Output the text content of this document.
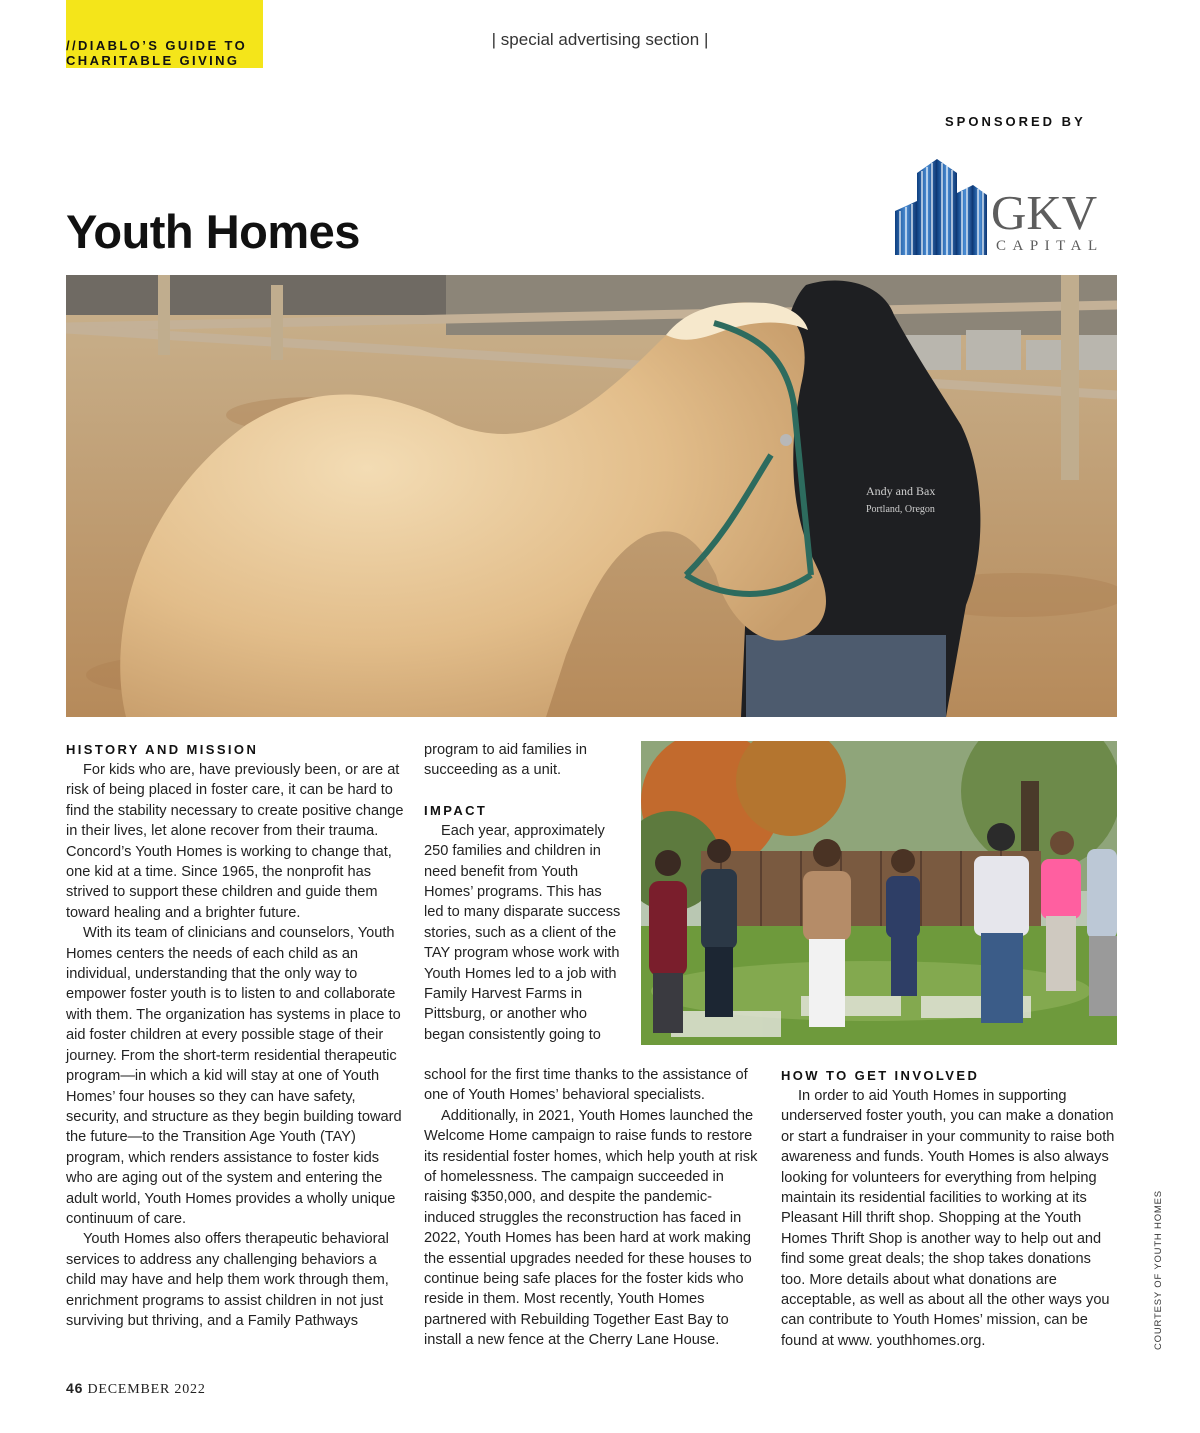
//DIABLO’S GUIDE TO
CHARITABLE GIVING
| special advertising section |
SPONSORED BY
GKV
CAPITAL
Youth Homes
Andy and Bax
Portland, Oregon
HISTORY AND MISSION

For kids who are, have previously been, or are at risk of being placed in foster care, it can be hard to find the stability necessary to create positive change in their lives, let alone recover from their trauma. Concord’s Youth Homes is working to change that, one kid at a time. Since 1965, the nonprofit has strived to support these children and guide them toward healing and a brighter future.

With its team of clinicians and counselors, Youth Homes centers the needs of each child as an individual, understanding that the only way to empower foster youth is to listen to and collaborate with them. The organization has systems in place to aid foster children at every possible stage of their journey. From the short-term residential therapeutic program—in which a kid will stay at one of Youth Homes’ four houses so they can have safety, security, and structure as they begin building toward the future—to the Transition Age Youth (TAY) program, which renders assistance to foster kids who are aging out of the system and entering the adult world, Youth Homes provides a wholly unique continuum of care.

Youth Homes also offers therapeutic behavioral services to address any challenging behaviors a child may have and help them work through them, enrichment programs to assist children in not just surviving but thriving, and a Family Pathways

program to aid families in succeeding as a unit.

IMPACT

Each year, approximately 250 families and children in need benefit from Youth Homes’ programs. This has led to many disparate success stories, such as a client of the TAY program whose work with Youth Homes led to a job with Family Harvest Farms in Pittsburg, or another who began consistently going to

school for the first time thanks to the assistance of one of Youth Homes’ behavioral specialists.

Additionally, in 2021, Youth Homes launched the Welcome Home campaign to raise funds to restore its residential foster homes, which help youth at risk of homelessness. The campaign succeeded in raising $350,000, and despite the pandemic-induced struggles the reconstruction has faced in 2022, Youth Homes has been hard at work making the essential upgrades needed for these houses to continue being safe places for the foster kids who reside in them. Most recently, Youth Homes partnered with Rebuilding Together East Bay to install a new fence at the Cherry Lane House.

HOW TO GET INVOLVED

In order to aid Youth Homes in supporting underserved foster youth, you can make a donation or start a fundraiser in your community to raise both awareness and funds. Youth Homes is also always looking for volunteers for everything from helping maintain its residential facilities to working at its Pleasant Hill thrift shop. Shopping at the Youth Homes Thrift Shop is another way to help out and find some great deals; the shop takes donations too. More details about what donations are acceptable, as well as about all the other ways you can contribute to Youth Homes’ mission, can be found at www. youthhomes.org.	COURTESY OF YOUTH HOMES
46 DECEMBER 2022
